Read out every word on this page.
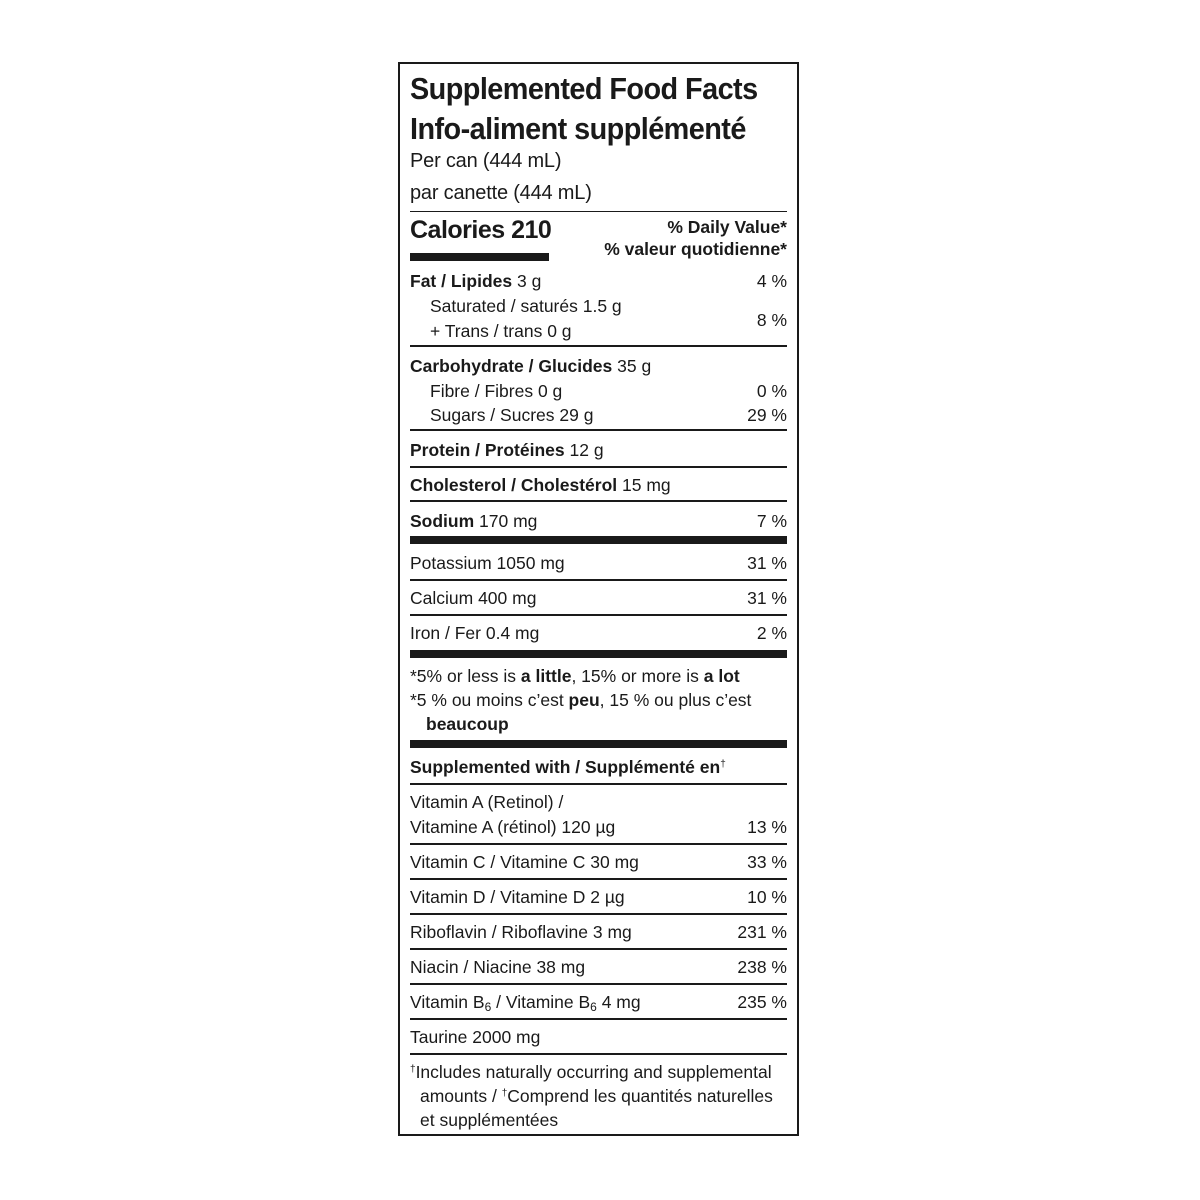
Supplemented Food Facts
Info-aliment supplémenté
Per can (444 mL)
par canette (444 mL)
Calories 210	% Daily Value*
% valeur quotidienne*
Fat / Lipides 3 g	4 %
Saturated / saturés 1.5 g
+ Trans / trans 0 g
8 %
Carbohydrate / Glucides 35 g
Fibre / Fibres 0 g	0 %
Sugars / Sucres 29 g	29 %
Protein / Protéines 12 g
Cholesterol / Cholestérol 15 mg
Sodium 170 mg	7 %
Potassium 1050 mg	31 %
Calcium 400 mg	31 %
Iron / Fer 0.4 mg	2 %
*5% or less is a little, 15% or more is a lot
*5 % ou moins c’est peu, 15 % ou plus c’est
beaucoup
Supplemented with / Supplémenté en†
Vitamin A (Retinol) /
Vitamine A (rétinol) 120 µg	13 %
Vitamin C / Vitamine C 30 mg	33 %
Vitamin D / Vitamine D 2 µg	10 %
Riboflavin / Riboflavine 3 mg	231 %
Niacin / Niacine 38 mg	238 %
Vitamin $B_6$ / Vitamine $B_6$ 4 mg	235 %
Taurine 2000 mg
†Includes naturally occurring and supplemental
amounts / †Comprend les quantités naturelles
et supplémentées
